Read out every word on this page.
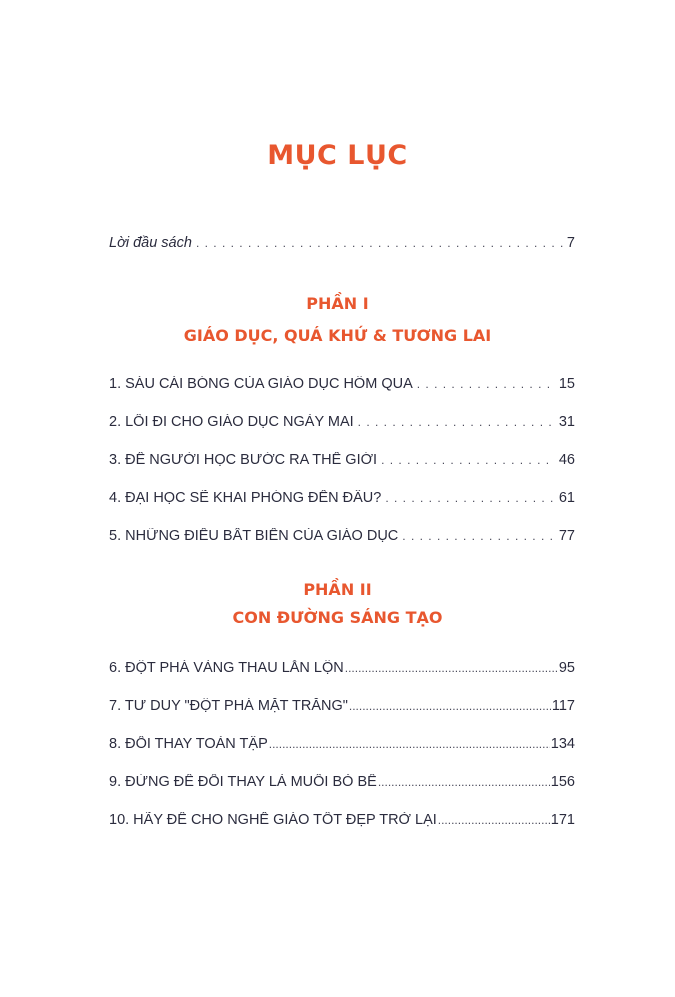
MỤC LỤC
Lời đầu sách . . .	7
PHẦN I
GIÁO DỤC, QUÁ KHỨ & TƯƠNG LAI
1. SÁU CÁI BÓNG CỦA GIÁO DỤC HÔM QUA . . .	15
2. LỐI ĐI CHO GIÁO DỤC NGÀY MAI . . .	31
3. ĐỂ NGƯỜI HỌC BƯỚC RA THẾ GIỚI . . .	46
4. ĐẠI HỌC SẼ KHAI PHÓNG ĐẾN ĐÂU? . . .	61
5. NHỮNG ĐIỀU BẤT BIẾN CỦA GIÁO DỤC . . .	77
PHẦN II
CON ĐƯỜNG SÁNG TẠO
6. ĐỘT PHÁ VÀNG THAU LẪN LỘN .....	95
7. TƯ DUY "ĐỘT PHÁ MẶT TRĂNG" .....	117
8. ĐỔI THAY TOÀN TẬP .....	134
9. ĐỪNG ĐỂ ĐỔI THAY LÀ MUỐI BỎ BỂ .....	156
10. HÃY ĐỂ CHO NGHỀ GIÁO TỐT ĐẸP TRỞ LẠI .....	171
